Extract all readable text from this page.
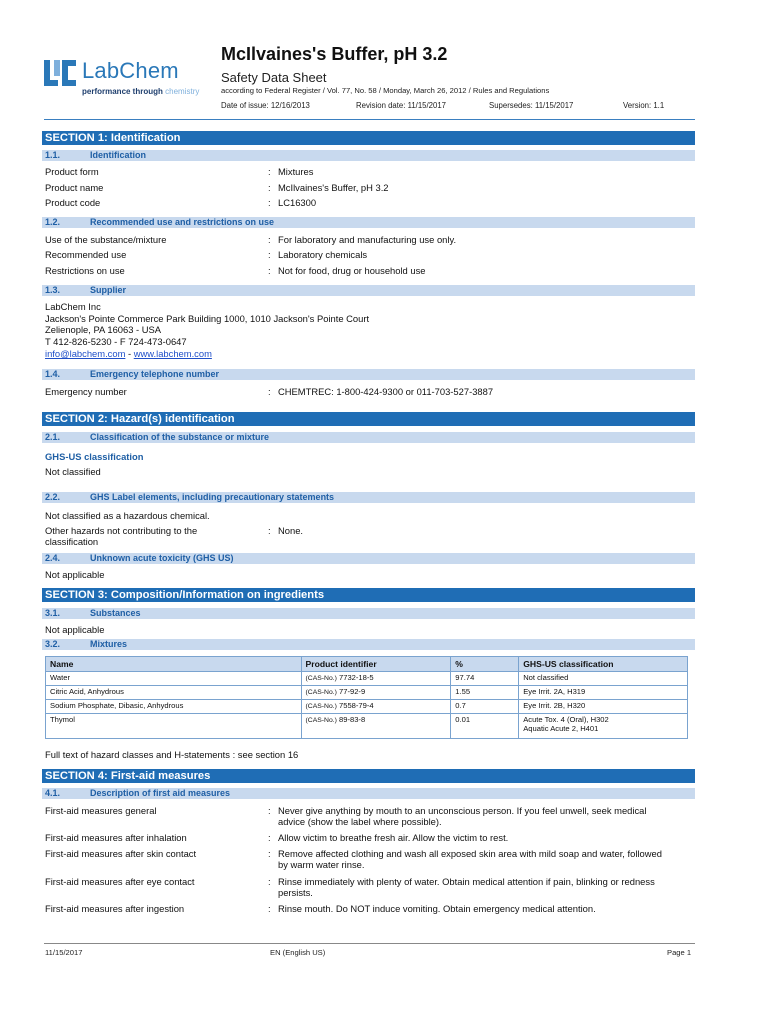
LabChem
performance through chemistry
McIlvaines's Buffer, pH 3.2
Safety Data Sheet
according to Federal Register / Vol. 77, No. 58 / Monday, March 26, 2012 / Rules and Regulations
Date of issue: 12/16/2013	Revision date: 11/15/2017	Supersedes: 11/15/2017	Version: 1.1
SECTION 1: Identification
1.1.	Identification
Product form	: Mixtures
Product name	: McIlvaines's Buffer, pH 3.2
Product code	: LC16300
1.2.	Recommended use and restrictions on use
Use of the substance/mixture	: For laboratory and manufacturing use only.
Recommended use	: Laboratory chemicals
Restrictions on use	: Not for food, drug or household use
1.3.	Supplier
LabChem Inc
Jackson's Pointe Commerce Park Building 1000, 1010 Jackson's Pointe Court
Zelienople, PA 16063 - USA
T 412-826-5230 - F 724-473-0647
info@labchem.com - www.labchem.com
1.4.	Emergency telephone number
Emergency number	: CHEMTREC: 1-800-424-9300 or 011-703-527-3887
SECTION 2: Hazard(s) identification
2.1.	Classification of the substance or mixture
GHS-US classification
Not classified
2.2.	GHS Label elements, including precautionary statements
Not classified as a hazardous chemical.
Other hazards not contributing to the
classification
: None.
2.4.	Unknown acute toxicity (GHS US)
Not applicable
SECTION 3: Composition/Information on ingredients
3.1.	Substances
Not applicable
3.2.	Mixtures
Name	Product identifier	%	GHS-US classification
Water	(CAS-No.) 7732-18-5	97.74	Not classified
Citric Acid, Anhydrous	(CAS-No.) 77-92-9	1.55	Eye Irrit. 2A, H319
Sodium Phosphate, Dibasic, Anhydrous	(CAS-No.) 7558-79-4	0.7	Eye Irrit. 2B, H320
Thymol	(CAS-No.) 89-83-8	0.01	Acute Tox. 4 (Oral), H302
Aquatic Acute 2, H401
Full text of hazard classes and H-statements : see section 16
SECTION 4: First-aid measures
4.1.	Description of first aid measures
First-aid measures general	: Never give anything by mouth to an unconscious person. If you feel unwell, seek medical
advice (show the label where possible).
First-aid measures after inhalation	: Allow victim to breathe fresh air. Allow the victim to rest.
First-aid measures after skin contact	: Remove affected clothing and wash all exposed skin area with mild soap and water, followed
by warm water rinse.
First-aid measures after eye contact	: Rinse immediately with plenty of water. Obtain medical attention if pain, blinking or redness
persists.
First-aid measures after ingestion	: Rinse mouth. Do NOT induce vomiting. Obtain emergency medical attention.
11/15/2017	EN (English US)	Page 1
